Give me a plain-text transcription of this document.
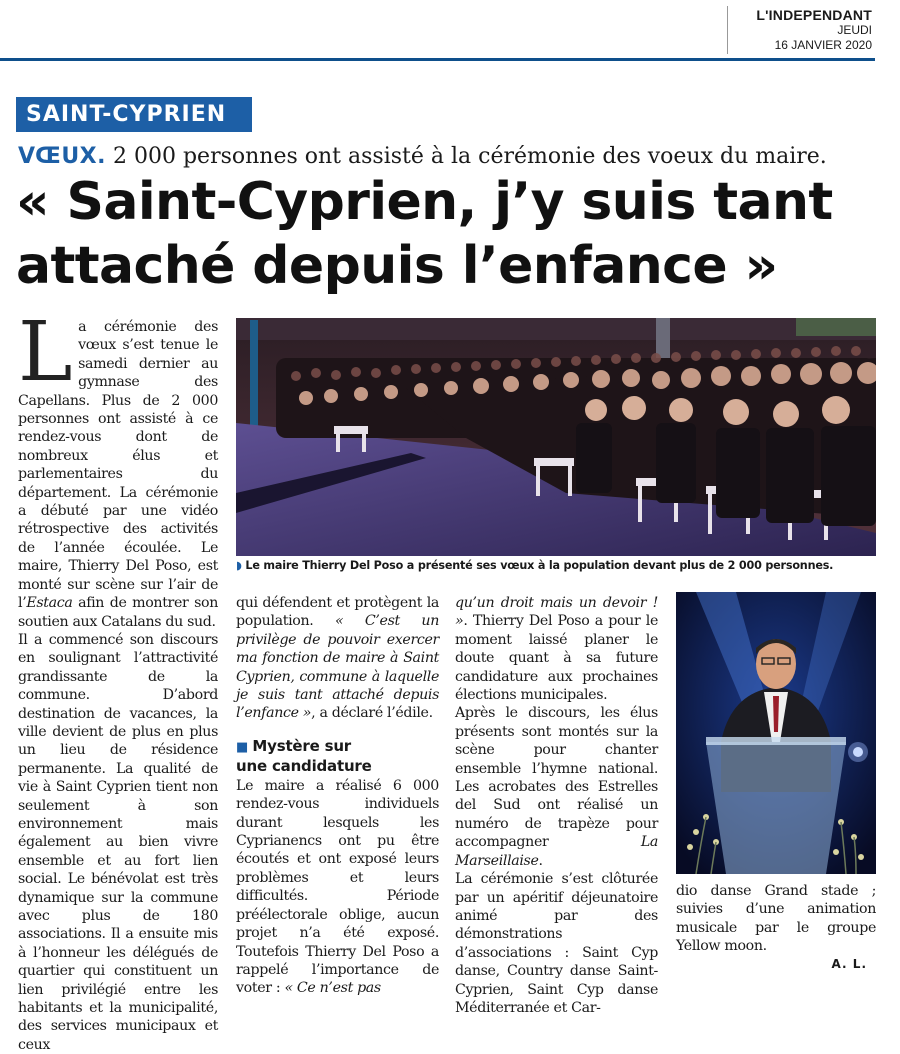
L'INDEPENDANT
JEUDI
16 JANVIER 2020
SAINT-CYPRIEN
VŒUX. 2 000 personnes ont assisté à la cérémonie des voeux du maire.
« Saint-Cyprien, j’y suis tant
attaché depuis l’enfance »
L a cérémonie des vœux s’est tenue le samedi dernier au gymnase des Capellans. Plus de 2 000 personnes ont assisté à ce rendez-vous dont de nombreux élus et parlementaires du département. La cérémonie a débuté par une vidéo rétrospective des activités de l’année écoulée. Le maire, Thierry Del Poso, est monté sur scène sur l’air de l’Estaca afin de montrer son soutien aux Catalans du sud.

Il a commencé son discours en soulignant l’attractivité grandissante de la commune. D’abord destination de vacances, la ville devient de plus en plus un lieu de résidence permanente. La qualité de vie à Saint Cyprien tient non seulement à son environnement mais également au bien vivre ensemble et au fort lien social. Le bénévolat est très dynamique sur la commune avec plus de 180 associations. Il a ensuite mis à l’honneur les délégués de quartier qui constituent un lien privilégié entre les habitants et la municipalité, des services municipaux et ceux

◗ Le maire Thierry Del Poso a présenté ses vœux à la population devant plus de 2 000 personnes.

qui défendent et protègent la population. « C’est un privilège de pouvoir exercer ma fonction de maire à Saint Cyprien, commune à laquelle je suis tant attaché depuis l’enfance », a déclaré l’édile.

■ Mystère sur
une candidature

Le maire a réalisé 6 000 rendez-vous individuels durant lesquels les Cyprianencs ont pu être écoutés et ont exposé leurs problèmes et leurs difficultés. Période préélectorale oblige, aucun projet n’a été exposé. Toutefois Thierry Del Poso a rappelé l’importance de voter : « Ce n’est pas

qu’un droit mais un devoir ! ». Thierry Del Poso a pour le moment laissé planer le doute quant à sa future candidature aux prochaines élections municipales.

Après le discours, les élus présents sont montés sur la scène pour chanter ensemble l’hymne national. Les acrobates des Estrelles del Sud ont réalisé un numéro de trapèze pour accompagner La Marseillaise.

La cérémonie s’est clôturée par un apéritif déjeunatoire animé par des démonstrations d’associations : Saint Cyp danse, Country danse Saint-Cyprien, Saint Cyp danse Méditerranée et Car-

dio danse Grand stade ; suivies d’une animation musicale par le groupe Yellow moon.

A. L.
